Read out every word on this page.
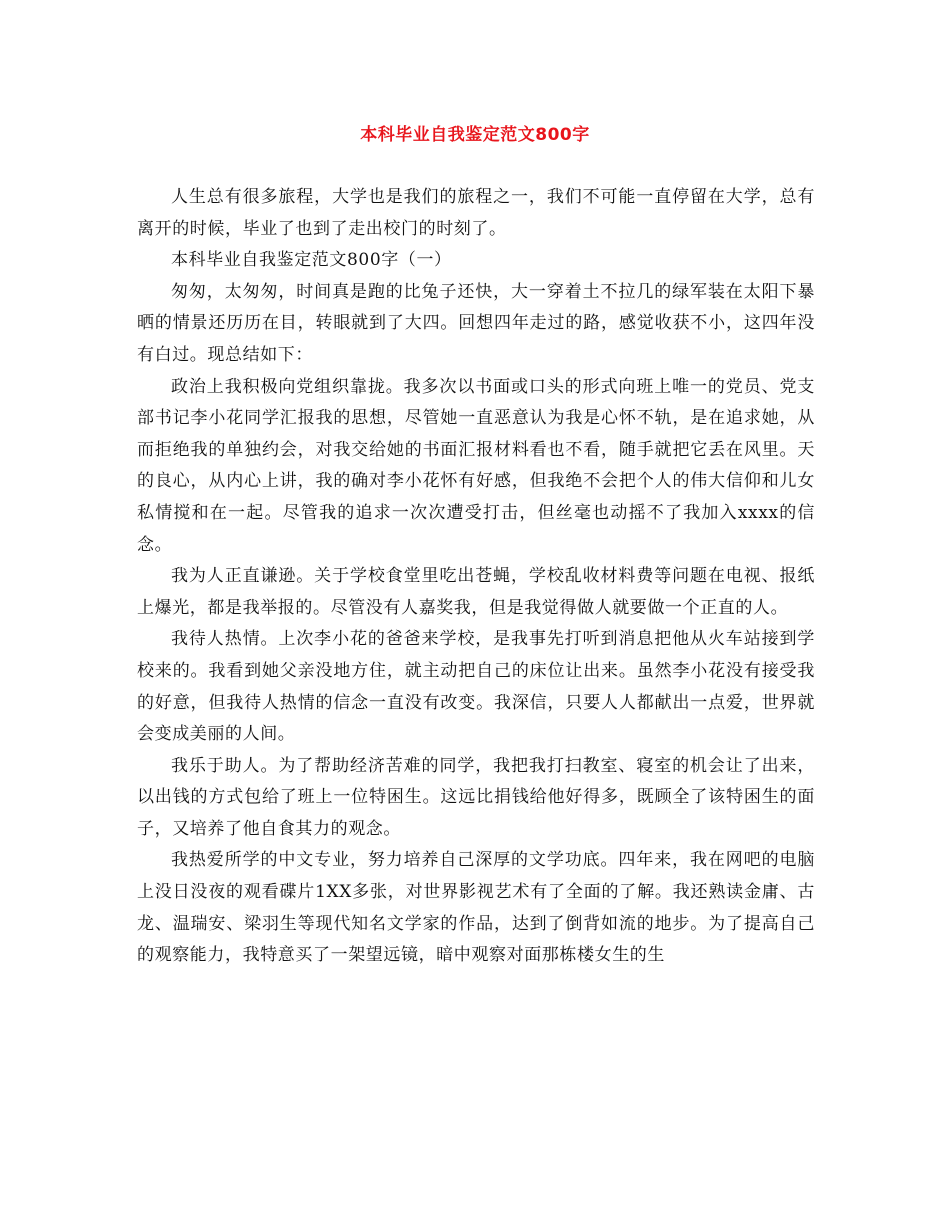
本科毕业自我鉴定范文800字

人生总有很多旅程，大学也是我们的旅程之一，我们不可能一直停留在大学，总有离开的时候，毕业了也到了走出校门的时刻了。

本科毕业自我鉴定范文800字（一）

匆匆，太匆匆，时间真是跑的比兔子还快，大一穿着土不拉几的绿军装在太阳下暴晒的情景还历历在目，转眼就到了大四。回想四年走过的路，感觉收获不小，这四年没有白过。现总结如下：

政治上我积极向党组织靠拢。我多次以书面或口头的形式向班上唯一的党员、党支部书记李小花同学汇报我的思想，尽管她一直恶意认为我是心怀不轨，是在追求她，从而拒绝我的单独约会，对我交给她的书面汇报材料看也不看，随手就把它丢在风里。天的良心，从内心上讲，我的确对李小花怀有好感，但我绝不会把个人的伟大信仰和儿女私情搅和在一起。尽管我的追求一次次遭受打击，但丝毫也动摇不了我加入xxxx的信念。

我为人正直谦逊。关于学校食堂里吃出苍蝇，学校乱收材料费等问题在电视、报纸上爆光，都是我举报的。尽管没有人嘉奖我，但是我觉得做人就要做一个正直的人。

我待人热情。上次李小花的爸爸来学校，是我事先打听到消息把他从火车站接到学校来的。我看到她父亲没地方住，就主动把自己的床位让出来。虽然李小花没有接受我的好意，但我待人热情的信念一直没有改变。我深信，只要人人都献出一点爱，世界就会变成美丽的人间。

我乐于助人。为了帮助经济苦难的同学，我把我打扫教室、寝室的机会让了出来，以出钱的方式包给了班上一位特困生。这远比捐钱给他好得多，既顾全了该特困生的面子，又培养了他自食其力的观念。

我热爱所学的中文专业，努力培养自己深厚的文学功底。四年来，我在网吧的电脑上没日没夜的观看碟片1XX多张，对世界影视艺术有了全面的了解。我还熟读金庸、古龙、温瑞安、梁羽生等现代知名文学家的作品，达到了倒背如流的地步。为了提高自己的观察能力，我特意买了一架望远镜，暗中观察对面那栋楼女生的生
